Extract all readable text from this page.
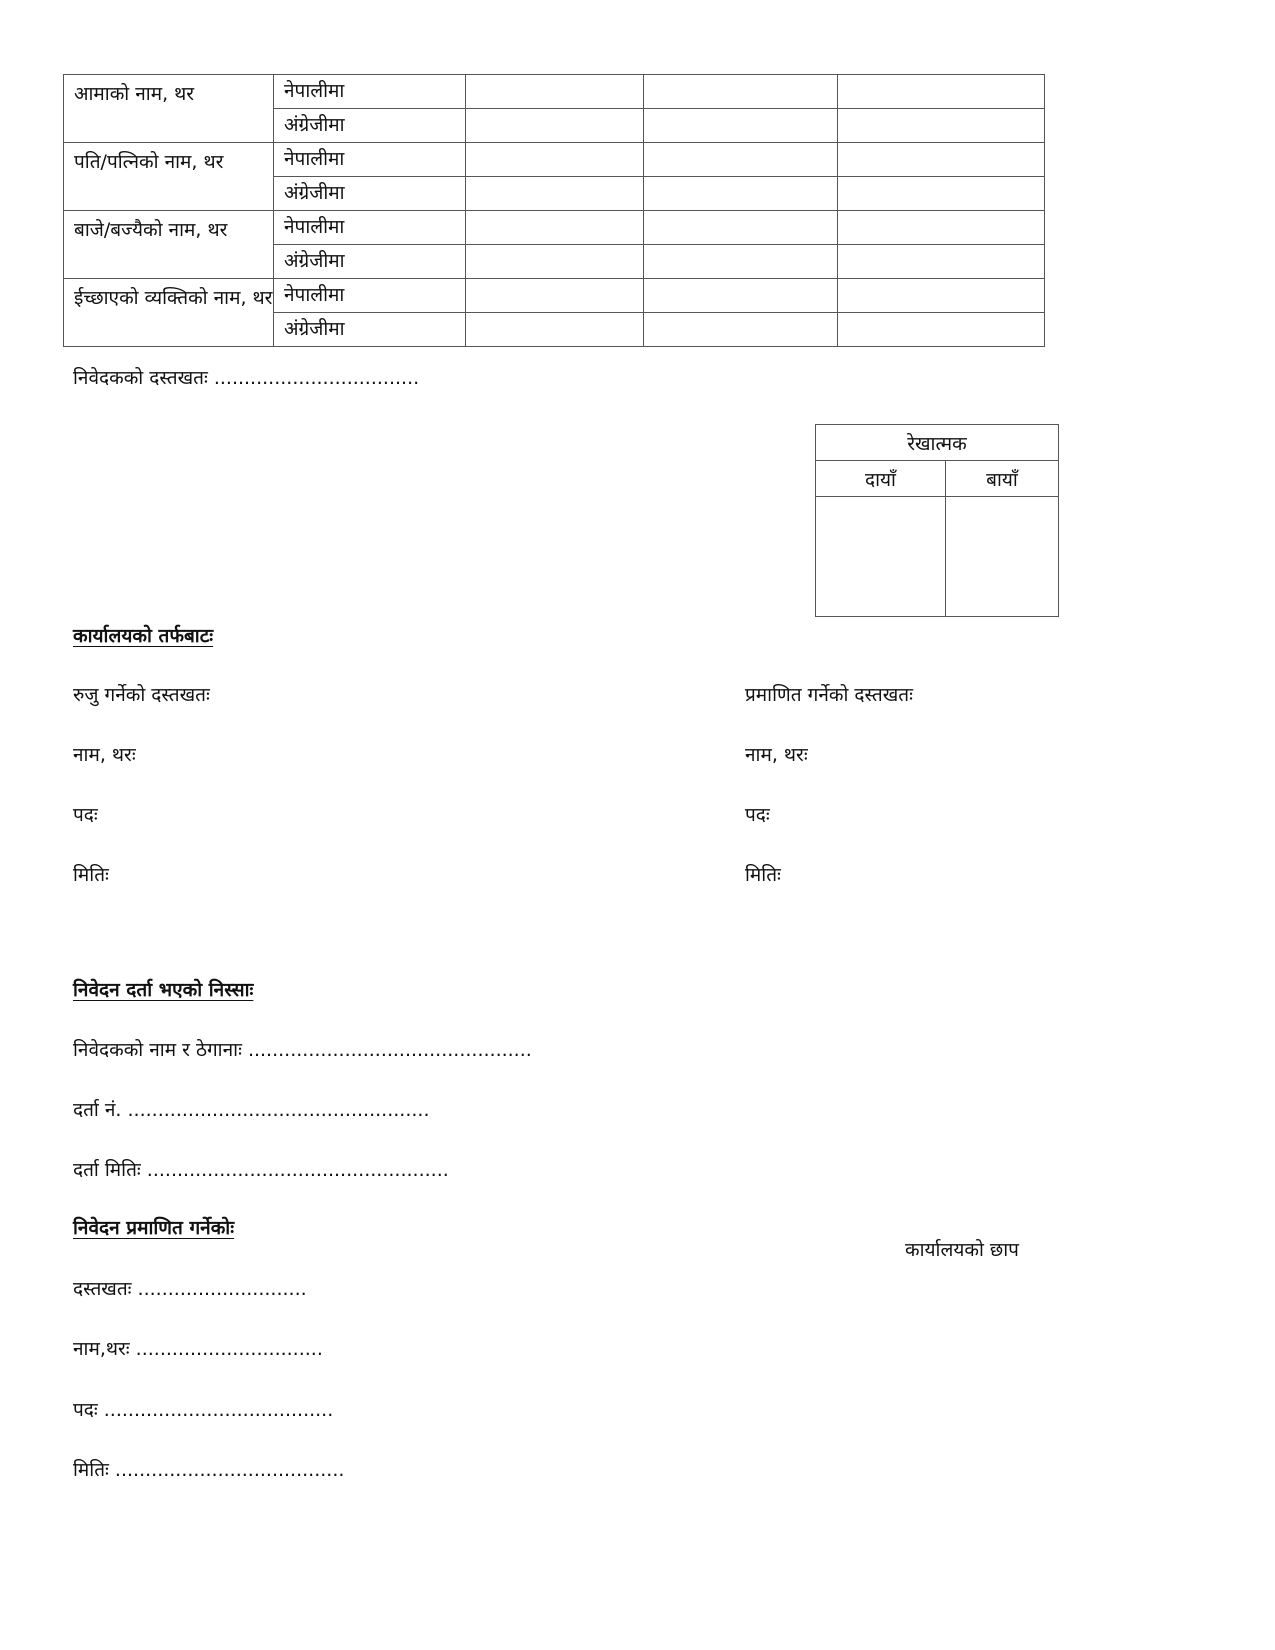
आमाको नाम, थर	नेपालीमा			
	अंग्रेजीमा			
पति/पत्निको नाम, थर	नेपालीमा			
	अंग्रेजीमा			
बाजे/बज्यैको नाम, थर	नेपालीमा			
	अंग्रेजीमा			
ईच्छाएको व्यक्तिको नाम, थर	नेपालीमा			
	अंग्रेजीमा			
निवेदकको दस्तखतः ..................................
रेखात्मक	
दायाँ	बायाँ

कार्यालयको तर्फबाटः
रुजु गर्नेको दस्तखतः
नाम, थरः
पदः
मितिः
प्रमाणित गर्नेको दस्तखतः
नाम, थरः
पदः
मितिः
निवेदन दर्ता भएको निस्साः
निवेदकको नाम र ठेगानाः ...............................................
दर्ता नं. ..................................................
दर्ता मितिः ..................................................
निवेदन प्रमाणित गर्नेकोः
कार्यालयको छाप
दस्तखतः ............................
नाम,थरः ...............................
पदः ......................................
मितिः ......................................
